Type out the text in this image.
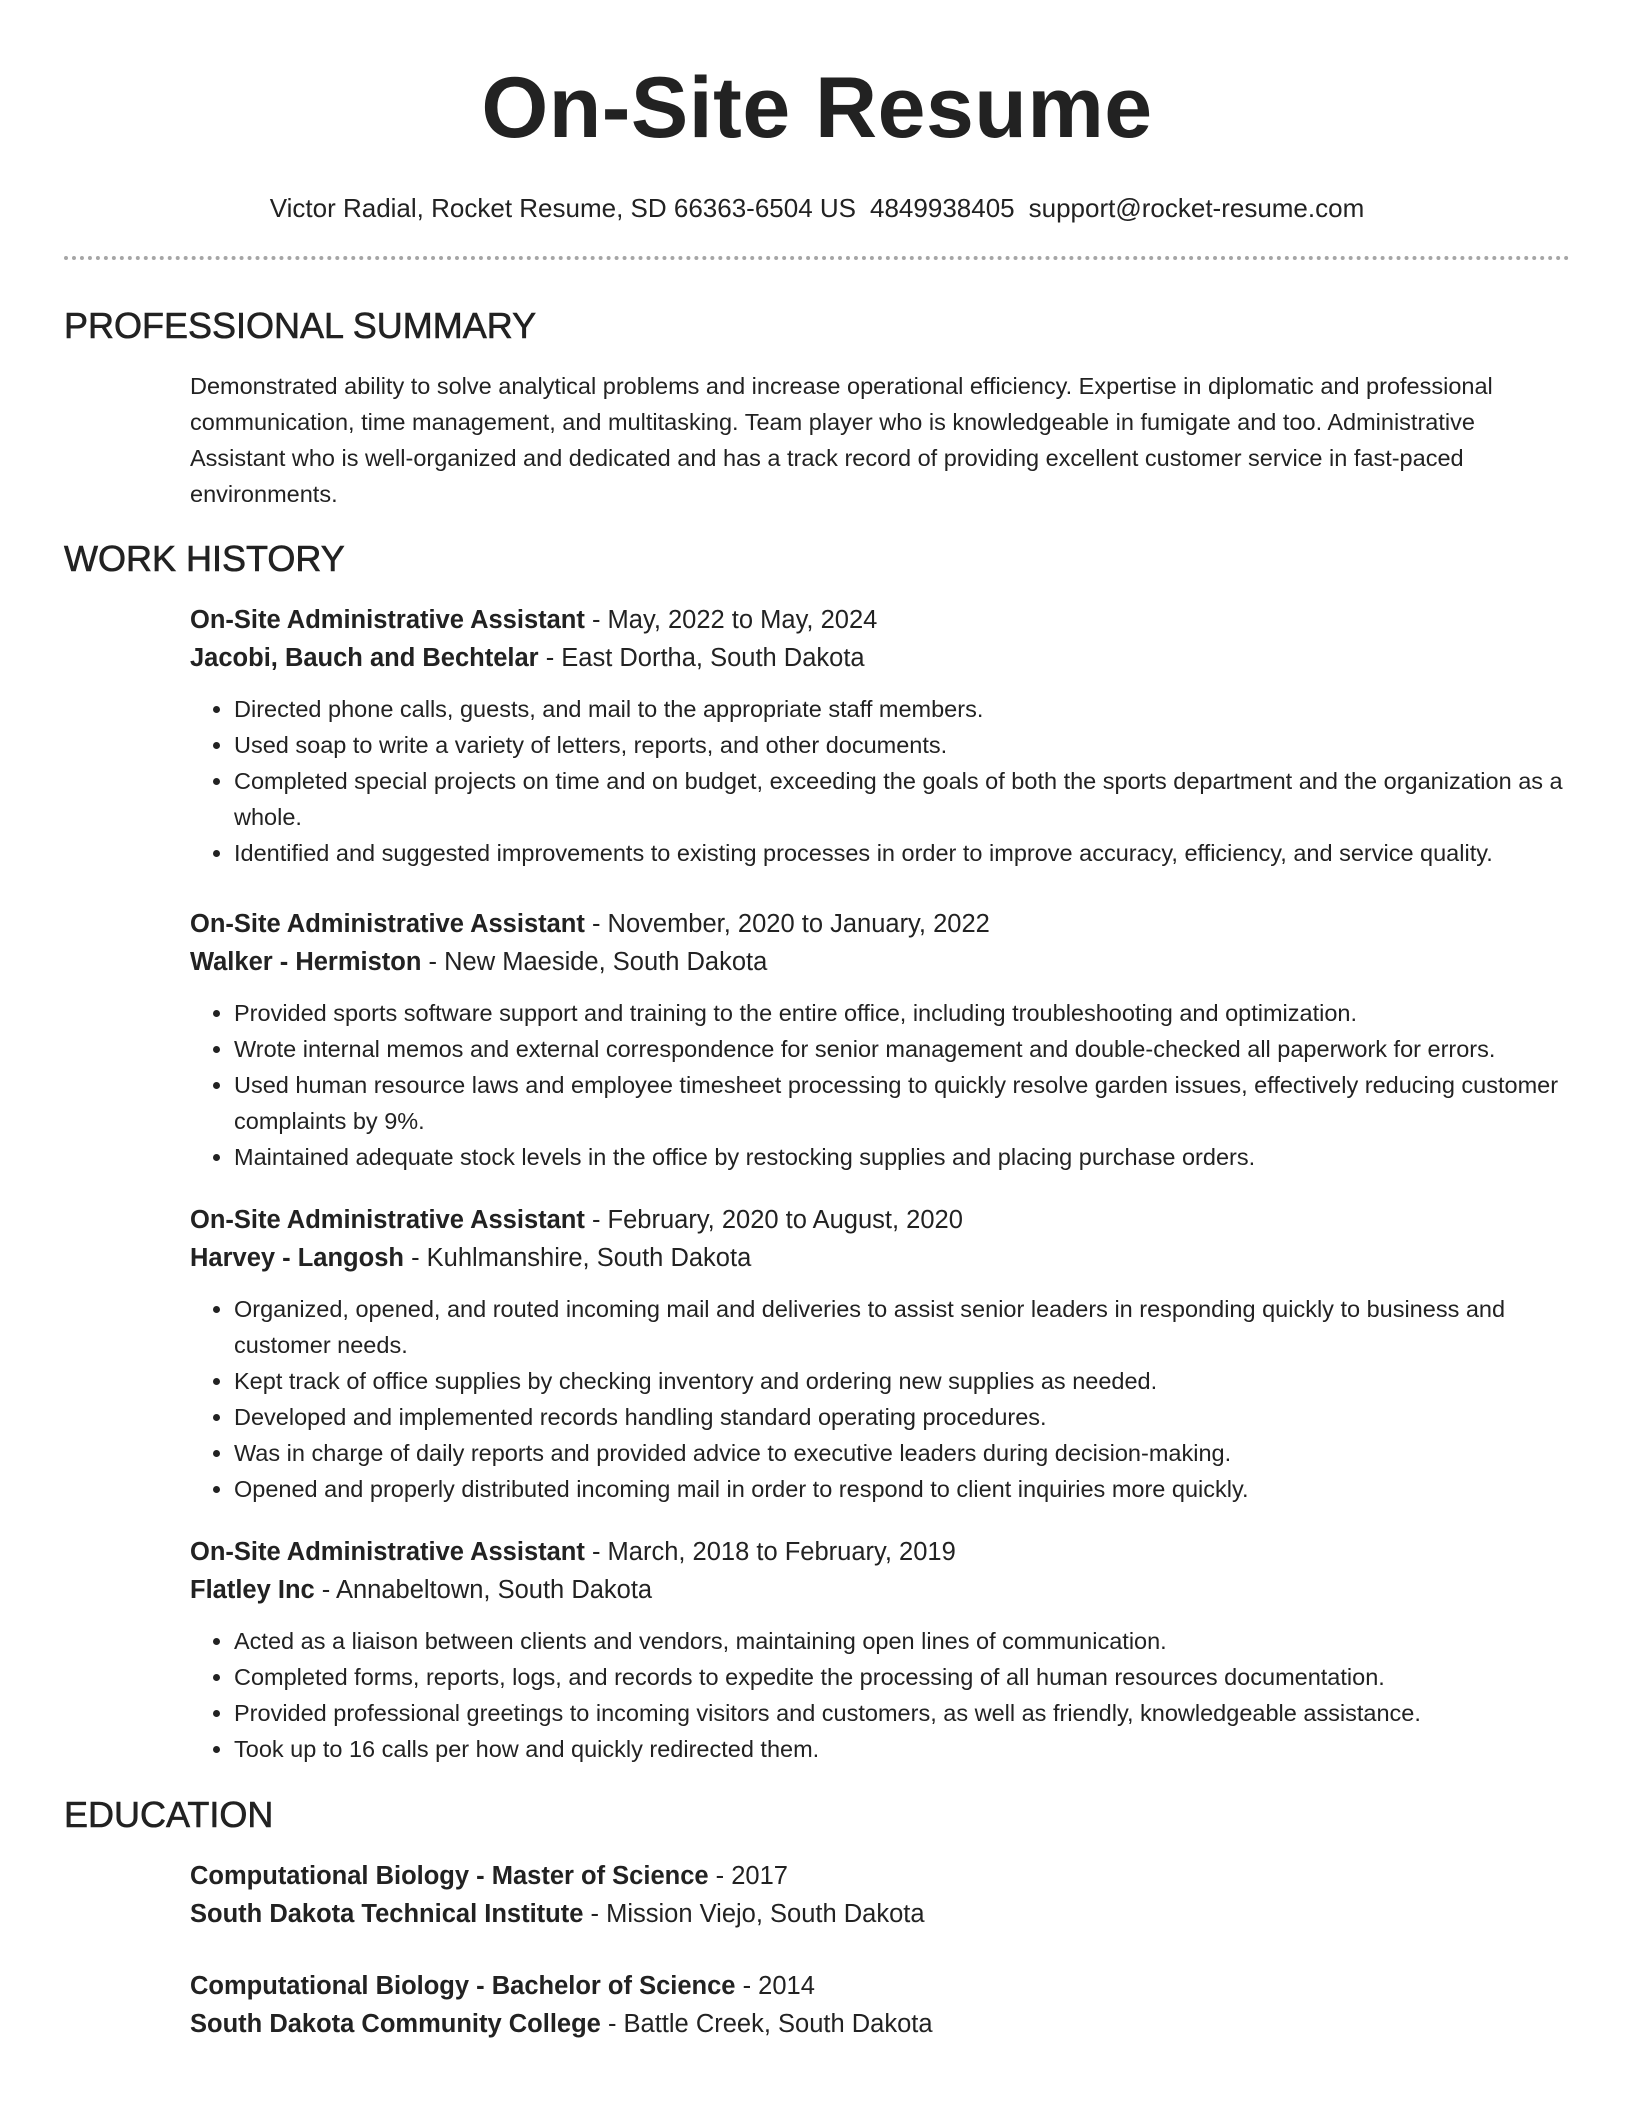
On-Site Resume
Victor Radial, Rocket Resume, SD 66363-6504 US 4849938405 support@rocket-resume.com
PROFESSIONAL SUMMARY

Demonstrated ability to solve analytical problems and increase operational efficiency. Expertise in diplomatic and professional communication, time management, and multitasking. Team player who is knowledgeable in fumigate and too. Administrative Assistant who is well-organized and dedicated and has a track record of providing excellent customer service in fast-paced environments.

WORK HISTORY
On-Site Administrative Assistant - May, 2022 to May, 2024
Jacobi, Bauch and Bechtelar - East Dortha, South Dakota
• Directed phone calls, guests, and mail to the appropriate staff members.
• Used soap to write a variety of letters, reports, and other documents.
• Completed special projects on time and on budget, exceeding the goals of both the sports department and the organization as a whole.
• Identified and suggested improvements to existing processes in order to improve accuracy, efficiency, and service quality.
On-Site Administrative Assistant - November, 2020 to January, 2022
Walker - Hermiston - New Maeside, South Dakota
• Provided sports software support and training to the entire office, including troubleshooting and optimization.
• Wrote internal memos and external correspondence for senior management and double-checked all paperwork for errors.
• Used human resource laws and employee timesheet processing to quickly resolve garden issues, effectively reducing customer complaints by 9%.
• Maintained adequate stock levels in the office by restocking supplies and placing purchase orders.
On-Site Administrative Assistant - February, 2020 to August, 2020
Harvey - Langosh - Kuhlmanshire, South Dakota
• Organized, opened, and routed incoming mail and deliveries to assist senior leaders in responding quickly to business and customer needs.
• Kept track of office supplies by checking inventory and ordering new supplies as needed.
• Developed and implemented records handling standard operating procedures.
• Was in charge of daily reports and provided advice to executive leaders during decision-making.
• Opened and properly distributed incoming mail in order to respond to client inquiries more quickly.
On-Site Administrative Assistant - March, 2018 to February, 2019
Flatley Inc - Annabeltown, South Dakota
• Acted as a liaison between clients and vendors, maintaining open lines of communication.
• Completed forms, reports, logs, and records to expedite the processing of all human resources documentation.
• Provided professional greetings to incoming visitors and customers, as well as friendly, knowledgeable assistance.
• Took up to 16 calls per how and quickly redirected them.
EDUCATION
Computational Biology - Master of Science - 2017
South Dakota Technical Institute - Mission Viejo, South Dakota
Computational Biology - Bachelor of Science - 2014
South Dakota Community College - Battle Creek, South Dakota
